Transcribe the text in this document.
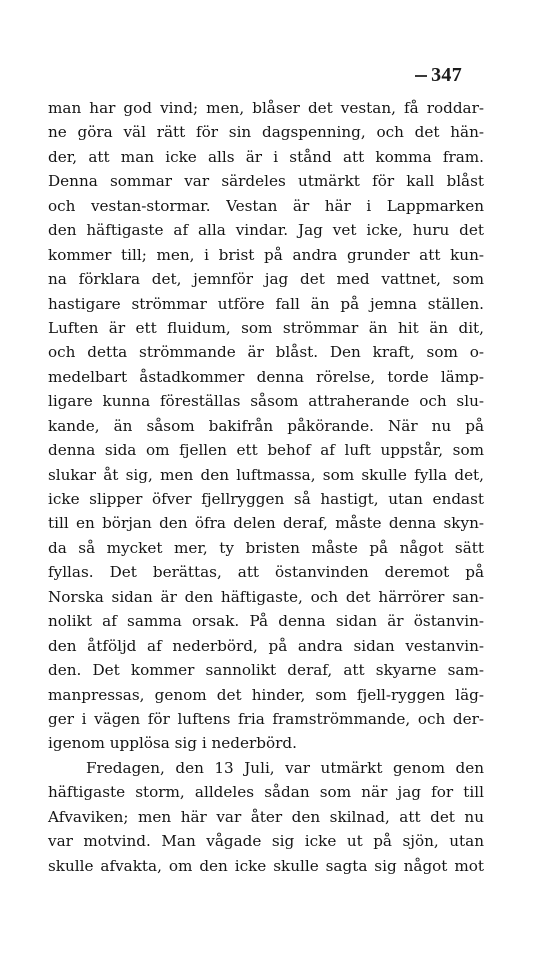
347
man har god vind; men, blåser det vestan, få roddar-
ne göra väl rätt för sin dagspenning, och det hän-
der, att man icke alls är i stånd att komma fram.
Denna sommar var särdeles utmärkt för kall blåst
och vestan-stormar. Vestan är här i Lappmarken
den häftigaste af alla vindar. Jag vet icke, huru det
kommer till; men, i brist på andra grunder att kun-
na förklara det, jemnför jag det med vattnet, som
hastigare strömmar utföre fall än på jemna ställen.
Luften är ett fluidum, som strömmar än hit än dit,
och detta strömmande är blåst. Den kraft, som o-
medelbart åstadkommer denna rörelse, torde lämp-
ligare kunna föreställas såsom attraherande och slu-
kande, än såsom bakifrån påkörande. När nu på
denna sida om fjellen ett behof af luft uppstår, som
slukar åt sig, men den luftmassa, som skulle fylla det,
icke slipper öfver fjellryggen så hastigt, utan endast
till en början den öfra delen deraf, måste denna skyn-
da så mycket mer, ty bristen måste på något sätt
fyllas. Det berättas, att östanvinden deremot på
Norska sidan är den häftigaste, och det härrörer san-
nolikt af samma orsak. På denna sidan är östanvin-
den åtföljd af nederbörd, på andra sidan vestanvin-
den. Det kommer sannolikt deraf, att skyarne sam-
manpressas, genom det hinder, som fjell-ryggen läg-
ger i vägen för luftens fria framströmmande, och der-
igenom upplösa sig i nederbörd.
Fredagen, den 13 Juli, var utmärkt genom den
häftigaste storm, alldeles sådan som när jag for till
Afvaviken; men här var åter den skilnad, att det nu
var motvind. Man vågade sig icke ut på sjön, utan
skulle afvakta, om den icke skulle sagta sig något mot
